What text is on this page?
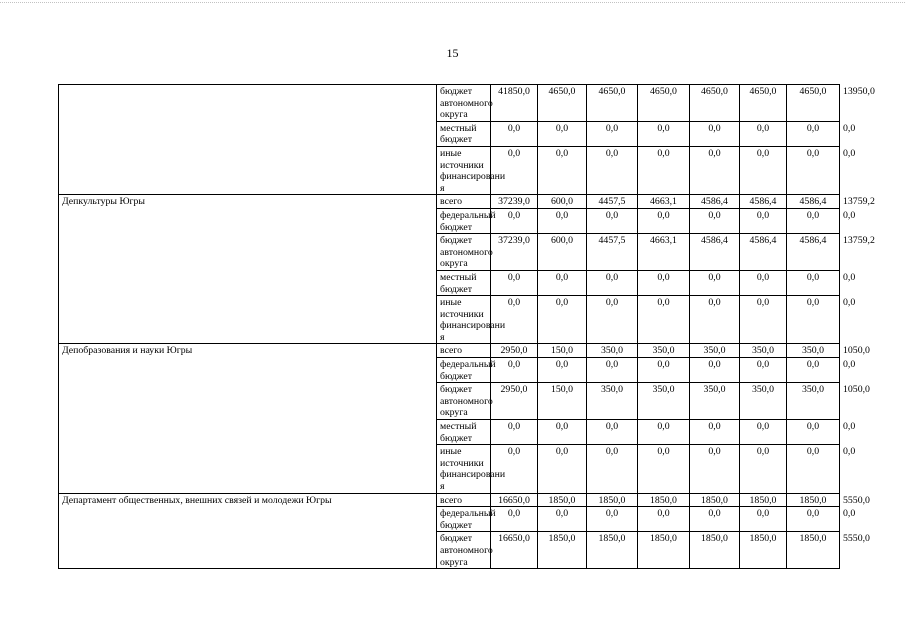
15
	бюджет автономного округа	41850,0	4650,0	4650,0	4650,0	4650,0	4650,0	4650,0	13950,0
	местный бюджет	0,0	0,0	0,0	0,0	0,0	0,0	0,0	0,0
	иные источники финансировани я	0,0	0,0	0,0	0,0	0,0	0,0	0,0	0,0
Депкультуры Югры	всего	37239,0	600,0	4457,5	4663,1	4586,4	4586,4	4586,4	13759,2
	федеральный бюджет	0,0	0,0	0,0	0,0	0,0	0,0	0,0	0,0
	бюджет автономного округа	37239,0	600,0	4457,5	4663,1	4586,4	4586,4	4586,4	13759,2
	местный бюджет	0,0	0,0	0,0	0,0	0,0	0,0	0,0	0,0
	иные источники финансировани я	0,0	0,0	0,0	0,0	0,0	0,0	0,0	0,0
Депобразования и науки Югры	всего	2950,0	150,0	350,0	350,0	350,0	350,0	350,0	1050,0
	федеральный бюджет	0,0	0,0	0,0	0,0	0,0	0,0	0,0	0,0
	бюджет автономного округа	2950,0	150,0	350,0	350,0	350,0	350,0	350,0	1050,0
	местный бюджет	0,0	0,0	0,0	0,0	0,0	0,0	0,0	0,0
	иные источники финансировани я	0,0	0,0	0,0	0,0	0,0	0,0	0,0	0,0
Департамент общественных, внешних связей и молодежи Югры	всего	16650,0	1850,0	1850,0	1850,0	1850,0	1850,0	1850,0	5550,0
	федеральный бюджет	0,0	0,0	0,0	0,0	0,0	0,0	0,0	0,0
	бюджет автономного округа	16650,0	1850,0	1850,0	1850,0	1850,0	1850,0	1850,0	5550,0
